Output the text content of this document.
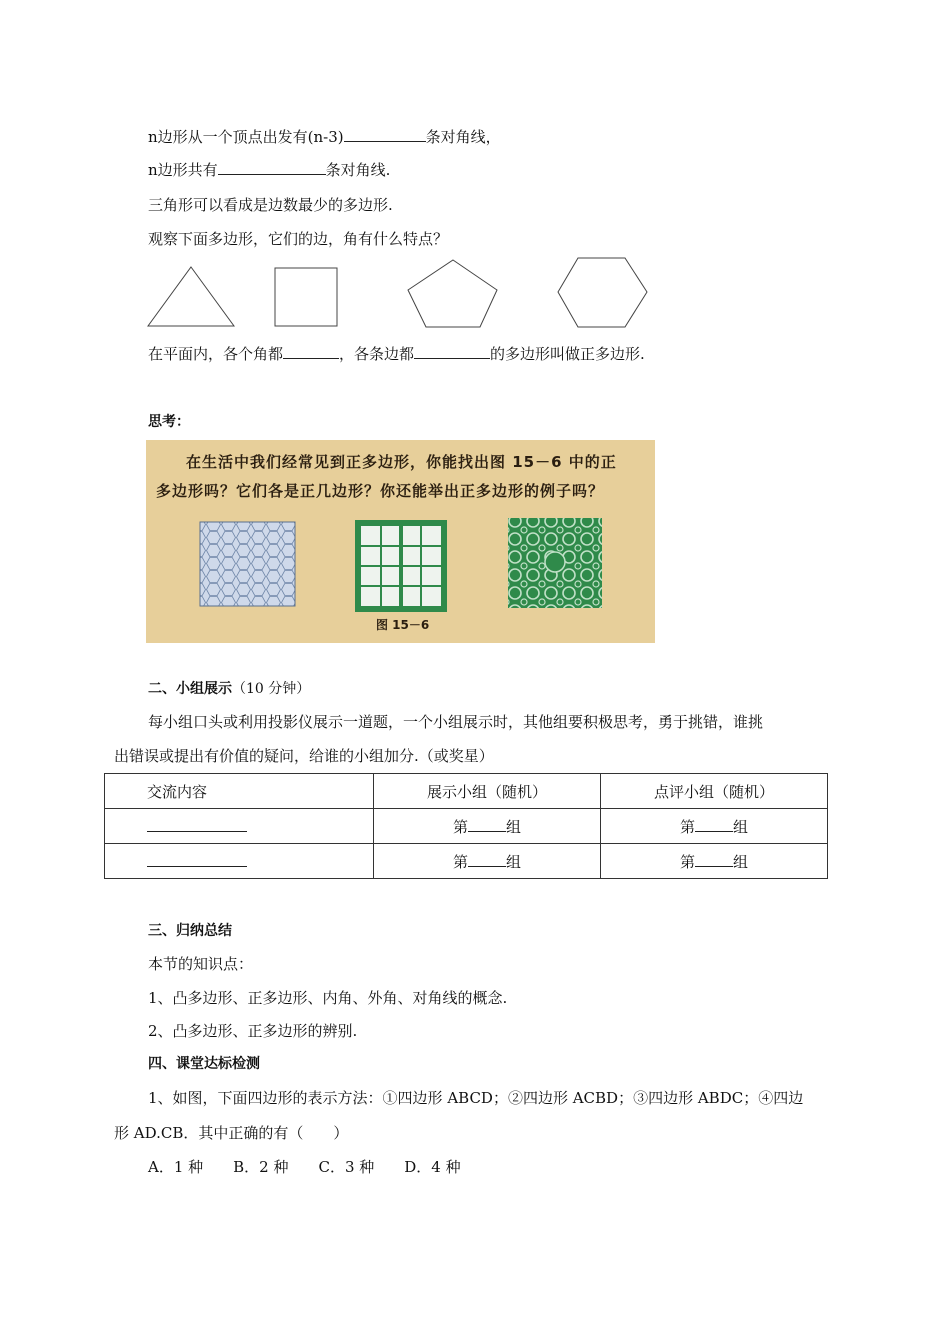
n边形从一个顶点出发有(n-3)	条对角线，
n边形共有	条对角线.
三角形可以看成是边数最少的多边形.
观察下面多边形，它们的边，角有什么特点？
在平面内，各个角都	，各条边都	的多边形叫做正多边形.
思考：
在生活中我们经常见到正多边形，你能找出图 15－6 中的正
多边形吗？它们各是正几边形？你还能举出正多边形的例子吗？
图 15－6
二、小组展示（10 分钟）
每小组口头或利用投影仪展示一道题，一个小组展示时，其他组要积极思考，勇于挑错，谁挑
出错误或提出有价值的疑问，给谁的小组加分.（或奖星）
交流内容	展示小组（随机）	点评小组（随机）
	第 组	第 组
	第 组	第 组
三、归纳总结
本节的知识点：
1、凸多边形、正多边形、内角、外角、对角线的概念.
2、凸多边形、正多边形的辨别.
四、课堂达标检测
1、如图，下面四边形的表示方法：①四边形 ABCD；②四边形 ACBD；③四边形 ABDC；④四边
形 AD.CB．其中正确的有（　　）
A．1 种　　B．2 种　　C．3 种　　D．4 种
